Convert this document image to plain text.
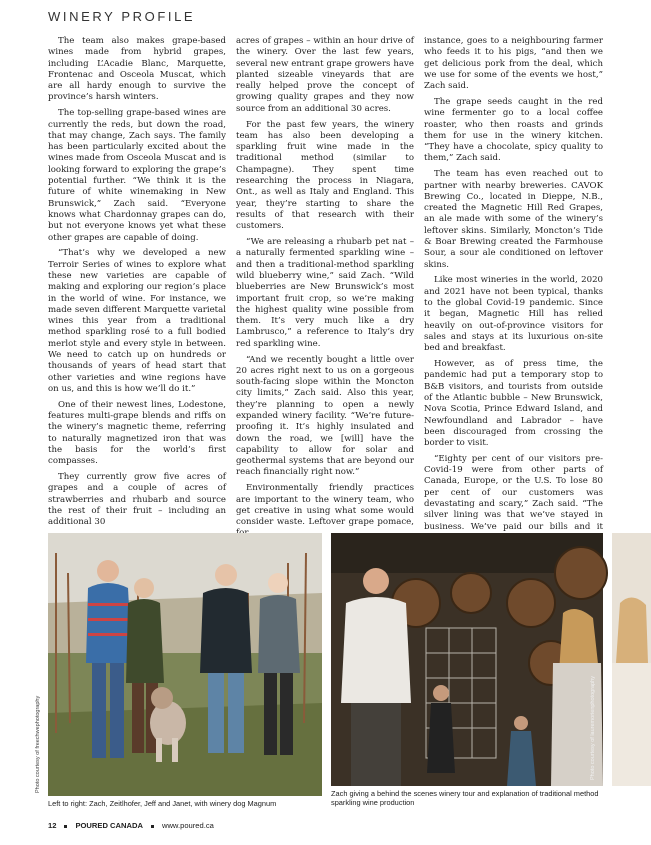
WINERY PROFILE

The team also makes grape-based wines made from hybrid grapes, including L’Acadie Blanc, Marquette, Frontenac and Osceola Muscat, which are all hardy enough to survive the province’s harsh winters.

The top-selling grape-based wines are currently the reds, but down the road, that may change, Zach says. The family has been particularly excited about the wines made from Osceola Muscat and is looking forward to exploring the grape’s potential further. “We think it is the future of white winemaking in New Brunswick,” Zach said. “Everyone knows what Chardonnay grapes can do, but not everyone knows yet what these other grapes are capable of doing.

“That’s why we developed a new Terroir Series of wines to explore what these new varieties are capable of making and exploring our region’s place in the world of wine. For instance, we made seven different Marquette varietal wines this year from a traditional method sparkling rosé to a full bodied merlot style and every style in between. We need to catch up on hundreds or thousands of years of head start that other varieties and wine regions have on us, and this is how we’ll do it.”

One of their newest lines, Lodestone, features multi-grape blends and riffs on the winery’s magnetic theme, referring to naturally magnetized iron that was the basis for the world’s first compasses.

They currently grow five acres of grapes and a couple of acres of strawberries and rhubarb and source the rest of their fruit – including an additional 30

acres of grapes – within an hour drive of the winery. Over the last few years, several new entrant grape growers have planted sizeable vineyards that are really helped prove the concept of growing quality grapes and they now source from an additional 30 acres.

For the past few years, the winery team has also been developing a sparkling fruit wine made in the traditional method (similar to Champagne). They spent time researching the process in Niagara, Ont., as well as Italy and England. This year, they’re starting to share the results of that research with their customers.

“We are releasing a rhubarb pet nat – a naturally fermented sparkling wine – and then a traditional-method sparkling wild blueberry wine,” said Zach. “Wild blueberries are New Brunswick’s most important fruit crop, so we’re making the highest quality wine possible from them. It’s very much like a dry Lambrusco,” a reference to Italy’s dry red sparkling wine.

“And we recently bought a little over 20 acres right next to us on a gorgeous south-facing slope within the Moncton city limits,” Zach said. Also this year, they’re planning to open a newly expanded winery facility. “We’re future-proofing it. It’s highly insulated and down the road, we [will] have the capability to allow for solar and geothermal systems that are beyond our reach financially right now.”

Environmentally friendly practices are important to the winery team, who get creative in using what some would consider waste. Leftover grape pomace,

instance, goes to a neighbouring farmer who feeds it to his pigs, “and then we get delicious pork from the deal, which we use for some of the events we host,” Zach said.

The grape seeds caught in the red wine fermenter go to a local coffee roaster, who then roasts and grinds them for use in the winery kitchen. “They have a chocolate, spicy quality to them,” Zach said.

The team has even reached out to partner with nearby breweries. CAVOK Brewing Co., located in Dieppe, N.B., created the Magnetic Hill Red Grapes, an ale made with some of the winery’s leftover skins. Similarly, Moncton’s Tide & Boar Brewing created the Farmhouse Sour, a sour ale conditioned on leftover skins.

Like most wineries in the world, 2020 and 2021 have not been typical, thanks to the global Covid-19 pandemic. Since it began, Magnetic Hill has relied heavily on out-of-province visitors for sales and stays at its luxurious on-site bed and breakfast.

However, as of press time, the pandemic had put a temporary stop to B&B visitors, and tourists from outside of the Atlantic bubble – New Brunswick, Nova Scotia, Prince Edward Island, and Newfoundland and Labrador – have been discouraged from crossing the border to visit.

“Eighty per cent of our visitors pre-Covid-19 were from other parts of Canada, Europe, or the U.S. To lose 80 per cent of our customers was devastating and scary,” Zach said. “The silver lining was that we’ve stayed in business. We’ve paid our bills and it

Photo courtesy of freechwephotography
Left to right: Zach, Zeitlhofer, Jeff and Janet, with winery dog Magnum
Photo courtesy of lauremorienphotography
Zach giving a behind the scenes winery tour and explanation of traditional method sparkling wine production
12	POURED CANADA	www.poured.ca
